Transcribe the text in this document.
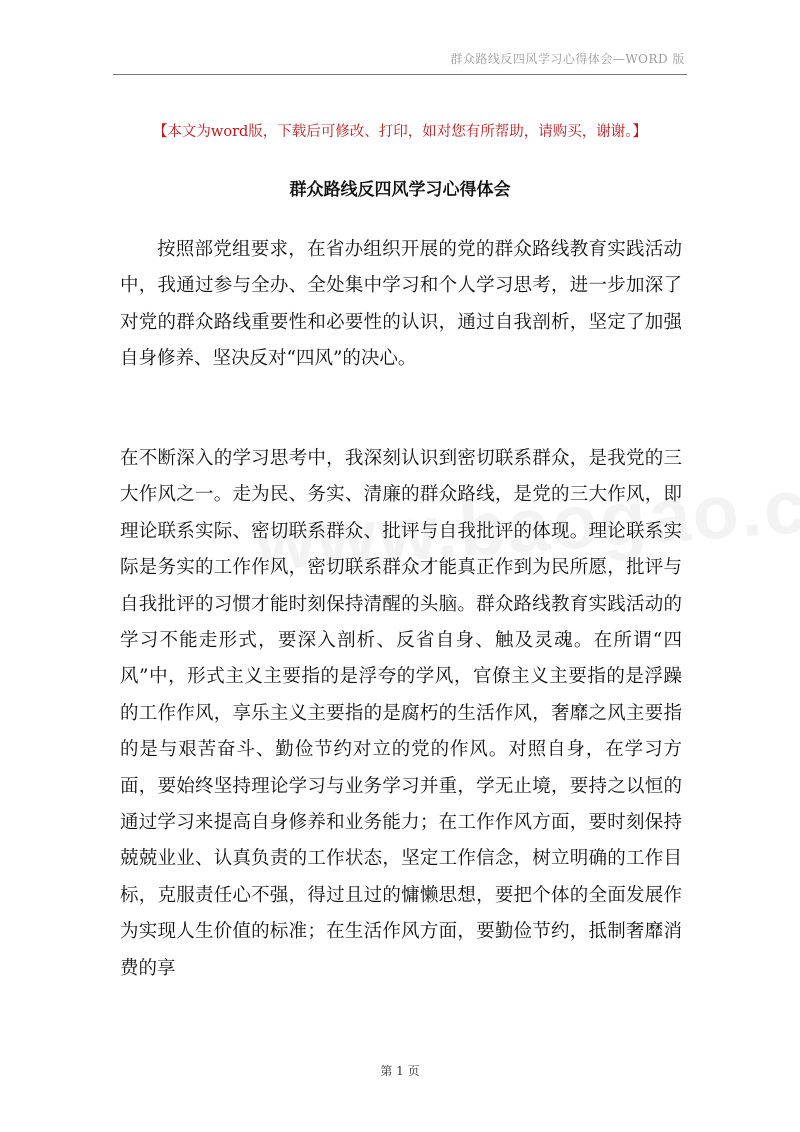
群众路线反四风学习心得体会—WORD 版
【本文为word版，下载后可修改、打印，如对您有所帮助，请购买，谢谢。】
群众路线反四风学习心得体会

按照部党组要求，在省办组织开展的党的群众路线教育实践活动中，我通过参与全办、全处集中学习和个人学习思考，进一步加深了对党的群众路线重要性和必要性的认识，通过自我剖析，坚定了加强自身修养、坚决反对“四风”的决心。

在不断深入的学习思考中，我深刻认识到密切联系群众，是我党的三大作风之一。走为民、务实、清廉的群众路线，是党的三大作风，即理论联系实际、密切联系群众、批评与自我批评的体现。理论联系实际是务实的工作作风，密切联系群众才能真正作到为民所愿，批评与自我批评的习惯才能时刻保持清醒的头脑。群众路线教育实践活动的学习不能走形式，要深入剖析、反省自身、触及灵魂。在所谓“四风”中，形式主义主要指的是浮夸的学风，官僚主义主要指的是浮躁的工作作风，享乐主义主要指的是腐朽的生活作风，奢靡之风主要指的是与艰苦奋斗、勤俭节约对立的党的作风。对照自身，在学习方面，要始终坚持理论学习与业务学习并重，学无止境，要持之以恒的通过学习来提高自身修养和业务能力；在工作作风方面，要时刻保持兢兢业业、认真负责的工作状态，坚定工作信念，树立明确的工作目标，克服责任心不强，得过且过的慵懒思想，要把个体的全面发展作为实现人生价值的标准；在生活作风方面，要勤俭节约，抵制奢靡消费的享

第 1 页
